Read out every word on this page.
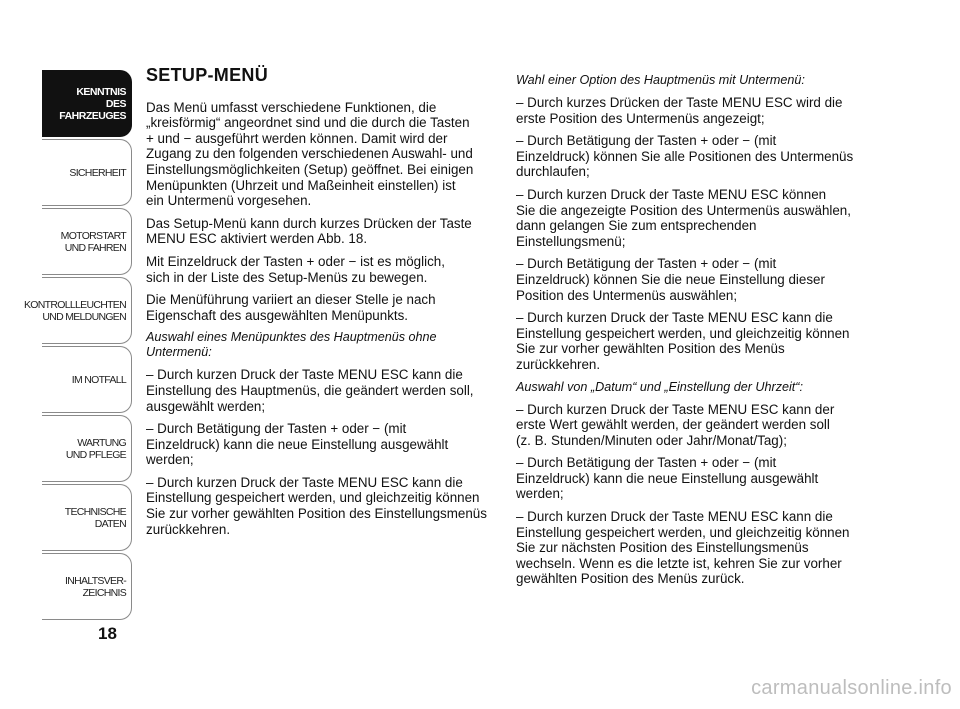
KENNTNIS
DES FAHRZEUGES
SICHERHEIT
MOTORSTART
UND FAHREN
KONTROLLLEUCHTEN
UND MELDUNGEN
IM NOTFALL
WARTUNG
UND PFLEGE
TECHNISCHE DATEN
INHALTSVER-
ZEICHNIS
18
SETUP-MENÜ

Das Menü umfasst verschiedene Funktionen, die
„kreisförmig“ angeordnet sind und die durch die Tasten
+ und − ausgeführt werden können. Damit wird der
Zugang zu den folgenden verschiedenen Auswahl- und
Einstellungsmöglichkeiten (Setup) geöffnet. Bei einigen
Menüpunkten (Uhrzeit und Maßeinheit einstellen) ist
ein Untermenü vorgesehen.

Das Setup-Menü kann durch kurzes Drücken der Taste
MENU ESC aktiviert werden Abb. 18.

Mit Einzeldruck der Tasten + oder − ist es möglich,
sich in der Liste des Setup-Menüs zu bewegen.

Die Menüführung variiert an dieser Stelle je nach
Eigenschaft des ausgewählten Menüpunkts.

Auswahl eines Menüpunktes des Hauptmenüs ohne
Untermenü:

– Durch kurzen Druck der Taste MENU ESC kann die
Einstellung des Hauptmenüs, die geändert werden soll,
ausgewählt werden;

– Durch Betätigung der Tasten + oder − (mit
Einzeldruck) kann die neue Einstellung ausgewählt
werden;

– Durch kurzen Druck der Taste MENU ESC kann die
Einstellung gespeichert werden, und gleichzeitig können
Sie zur vorher gewählten Position des Einstellungsmenüs
zurückkehren.

Wahl einer Option des Hauptmenüs mit Untermenü:

– Durch kurzes Drücken der Taste MENU ESC wird die
erste Position des Untermenüs angezeigt;

– Durch Betätigung der Tasten + oder − (mit
Einzeldruck) können Sie alle Positionen des Untermenüs
durchlaufen;

– Durch kurzen Druck der Taste MENU ESC können
Sie die angezeigte Position des Untermenüs auswählen,
dann gelangen Sie zum entsprechenden
Einstellungsmenü;

– Durch Betätigung der Tasten + oder − (mit
Einzeldruck) können Sie die neue Einstellung dieser
Position des Untermenüs auswählen;

– Durch kurzen Druck der Taste MENU ESC kann die
Einstellung gespeichert werden, und gleichzeitig können
Sie zur vorher gewählten Position des Menüs
zurückkehren.

Auswahl von „Datum“ und „Einstellung der Uhrzeit“:

– Durch kurzen Druck der Taste MENU ESC kann der
erste Wert gewählt werden, der geändert werden soll
(z. B. Stunden/Minuten oder Jahr/Monat/Tag);

– Durch Betätigung der Tasten + oder − (mit
Einzeldruck) kann die neue Einstellung ausgewählt
werden;

– Durch kurzen Druck der Taste MENU ESC kann die
Einstellung gespeichert werden, und gleichzeitig können
Sie zur nächsten Position des Einstellungsmenüs
wechseln. Wenn es die letzte ist, kehren Sie zur vorher
gewählten Position des Menüs zurück.

carmanualsonline.info
